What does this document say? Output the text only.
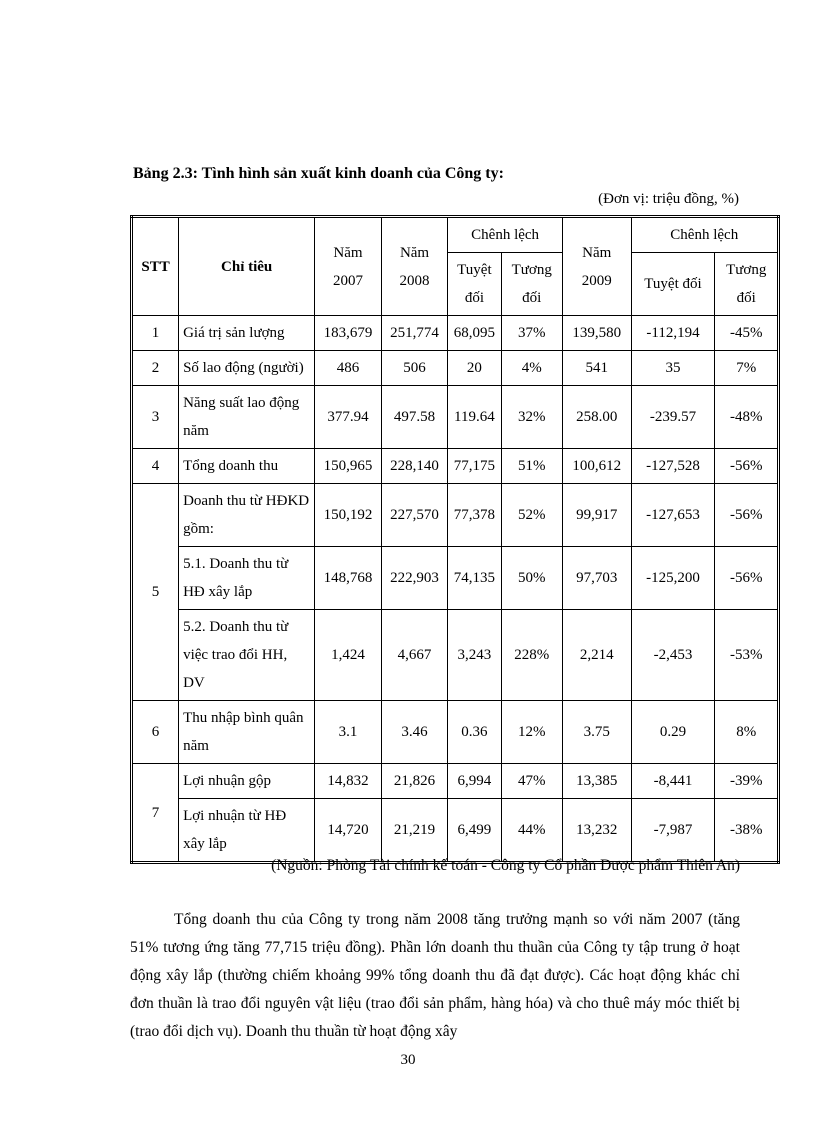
Bảng 2.3: Tình hình sản xuất kinh doanh của Công ty:
(Đơn vị: triệu đồng, %)
STT	Chỉ tiêu	Năm 2007	Năm 2008	Chênh lệch		Năm 2009	Chênh lệch	
				Tuyệt đối	Tương đối		Tuyệt đối	Tương đối
1	Giá trị sản lượng	183,679	251,774	68,095	37%	139,580	-112,194	-45%
2	Số lao động (người)	486	506	20	4%	541	35	7%
3	Năng suất lao động năm	377.94	497.58	119.64	32%	258.00	-239.57	-48%
4	Tổng doanh thu	150,965	228,140	77,175	51%	100,612	-127,528	-56%
5	Doanh thu từ HĐKD gồm:	150,192	227,570	77,378	52%	99,917	-127,653	-56%
	5.1. Doanh thu từ HĐ xây lắp	148,768	222,903	74,135	50%	97,703	-125,200	-56%
	5.2. Doanh thu từ việc trao đổi HH, DV	1,424	4,667	3,243	228%	2,214	-2,453	-53%
6	Thu nhập bình quân năm	3.1	3.46	0.36	12%	3.75	0.29	8%
7	Lợi nhuận gộp	14,832	21,826	6,994	47%	13,385	-8,441	-39%
	Lợi nhuận từ HĐ xây lắp	14,720	21,219	6,499	44%	13,232	-7,987	-38%
(Nguồn: Phòng Tài chính kế toán - Công ty Cổ phần Dược phẩm Thiên An)

Tổng doanh thu của Công ty trong năm 2008 tăng trưởng mạnh so với năm 2007 (tăng 51% tương ứng tăng 77,715 triệu đồng). Phần lớn doanh thu thuần của Công ty tập trung ở hoạt động xây lắp (thường chiếm khoảng 99% tổng doanh thu đã đạt được). Các hoạt động khác chỉ đơn thuần là trao đổi nguyên vật liệu (trao đổi sản phẩm, hàng hóa) và cho thuê máy móc thiết bị (trao đổi dịch vụ). Doanh thu thuần từ hoạt động xây

30
